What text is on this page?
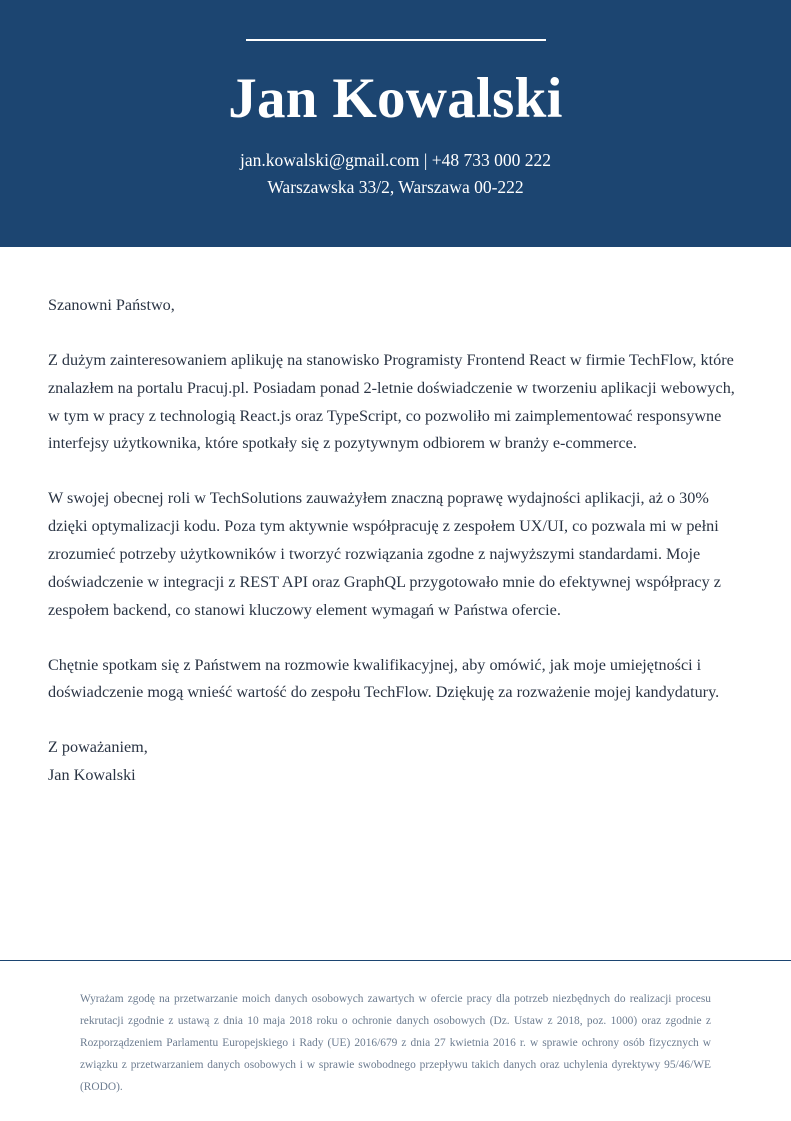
Jan Kowalski

jan.kowalski@gmail.com | +48 733 000 222

Warszawska 33/2, Warszawa 00-222

Szanowni Państwo,

Z dużym zainteresowaniem aplikuję na stanowisko Programisty Frontend React w firmie TechFlow, które znalazłem na portalu Pracuj.pl. Posiadam ponad 2-letnie doświadczenie w tworzeniu aplikacji webowych, w tym w pracy z technologią React.js oraz TypeScript, co pozwoliło mi zaimplementować responsywne interfejsy użytkownika, które spotkały się z pozytywnym odbiorem w branży e-commerce.

W swojej obecnej roli w TechSolutions zauważyłem znaczną poprawę wydajności aplikacji, aż o 30% dzięki optymalizacji kodu. Poza tym aktywnie współpracuję z zespołem UX/UI, co pozwala mi w pełni zrozumieć potrzeby użytkowników i tworzyć rozwiązania zgodne z najwyższymi standardami. Moje doświadczenie w integracji z REST API oraz GraphQL przygotowało mnie do efektywnej współpracy z zespołem backend, co stanowi kluczowy element wymagań w Państwa ofercie.

Chętnie spotkam się z Państwem na rozmowie kwalifikacyjnej, aby omówić, jak moje umiejętności i doświadczenie mogą wnieść wartość do zespołu TechFlow. Dziękuję za rozważenie mojej kandydatury.

Z poważaniem,

Jan Kowalski

Wyrażam zgodę na przetwarzanie moich danych osobowych zawartych w ofercie pracy dla potrzeb niezbędnych do realizacji procesu rekrutacji zgodnie z ustawą z dnia 10 maja 2018 roku o ochronie danych osobowych (Dz. Ustaw z 2018, poz. 1000) oraz zgodnie z Rozporządzeniem Parlamentu Europejskiego i Rady (UE) 2016/679 z dnia 27 kwietnia 2016 r. w sprawie ochrony osób fizycznych w związku z przetwarzaniem danych osobowych i w sprawie swobodnego przepływu takich danych oraz uchylenia dyrektywy 95/46/WE (RODO).
